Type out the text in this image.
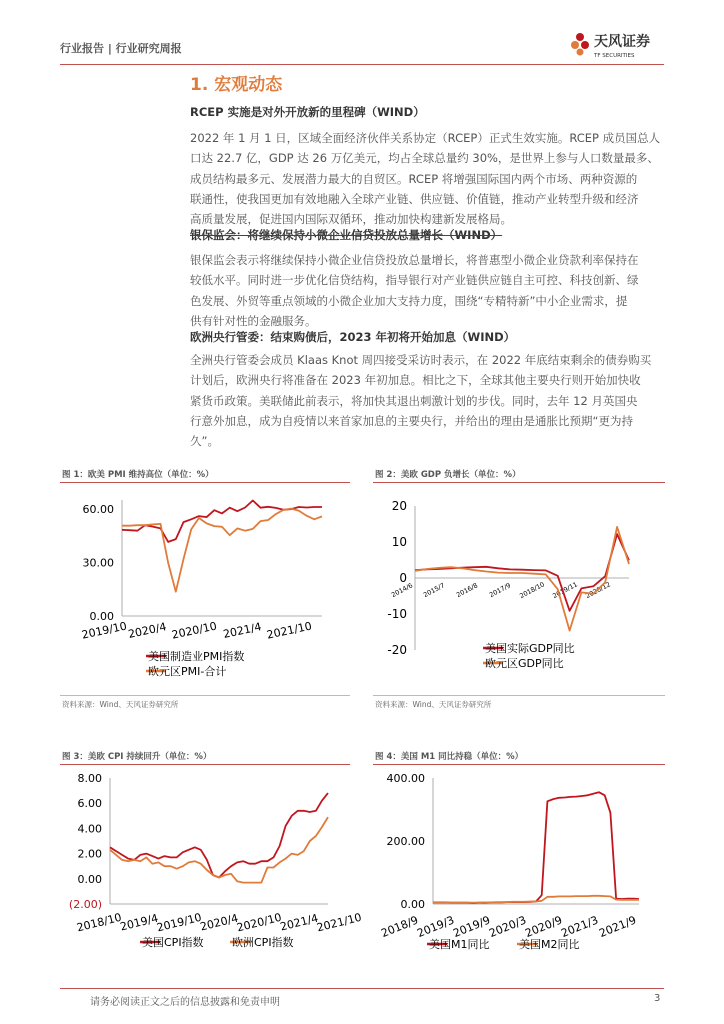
行业报告 | 行业研究周报	天风证券
TF SECURITIES
1. 宏观动态
RCEP 实施是对外开放新的里程碑（WIND）
2022 年 1 月 1 日，区域全面经济伙伴关系协定（RCEP）正式生效实施。RCEP 成员国总人
口达 22.7 亿，GDP 达 26 万亿美元，均占全球总量约 30%，是世界上参与人口数量最多、
成员结构最多元、发展潜力最大的自贸区。RCEP 将增强国际国内两个市场、两种资源的
联通性，使我国更加有效地融入全球产业链、供应链、价值链，推动产业转型升级和经济
高质量发展，促进国内国际双循环，推动加快构建新发展格局。
银保监会：将继续保持小微企业信贷投放总量增长（WIND）
银保监会表示将继续保持小微企业信贷投放总量增长，将普惠型小微企业贷款利率保持在
较低水平。同时进一步优化信贷结构，指导银行对产业链供应链自主可控、科技创新、绿
色发展、外贸等重点领域的小微企业加大支持力度，围绕“专精特新”中小企业需求，提
供有针对性的金融服务。
欧洲央行管委：结束购债后，2023 年初将开始加息（WIND）
全洲央行管委会成员 Klaas Knot 周四接受采访时表示，在 2022 年底结束剩余的债券购买
计划后，欧洲央行将准备在 2023 年初加息。相比之下，全球其他主要央行则开始加快收
紧货币政策。美联储此前表示，将加快其退出刺激计划的步伐。同时，去年 12 月英国央
行意外加息，成为自疫情以来首家加息的主要央行，并给出的理由是通胀比预期“更为持
久”。
图 1：欧美 PMI 维持高位（单位：%）
60.00
30.00
0.00
2019/10 2020/4 2020/10 2021/4 2021/10
美国制造业PMI指数
欧元区PMI-合计
资料来源：Wind、天风证券研究所
图 2：美欧 GDP 负增长（单位：%）
20
10
0
-10
-20
2014/6 2015/7 2016/8 2017/9 2018/10 2019/11 2020/12
美国实际GDP同比
欧元区GDP同比
资料来源：Wind、天风证券研究所
图 3：美欧 CPI 持续回升（单位：%）
8.00
6.00
4.00
2.00
0.00
(2.00)
2018/10
2019/4
2019/10
2020/4
2020/10
2021/4
2021/10
美国CPI指数	欧洲CPI指数
图 4：美国 M1 同比持稳（单位：%）
400.00
200.00
0.00
2018/9
2019/3
2019/9
2020/3
2020/9
2021/3
2021/9
美国M1同比	美国M2同比
请务必阅读正文之后的信息披露和免责申明	3
